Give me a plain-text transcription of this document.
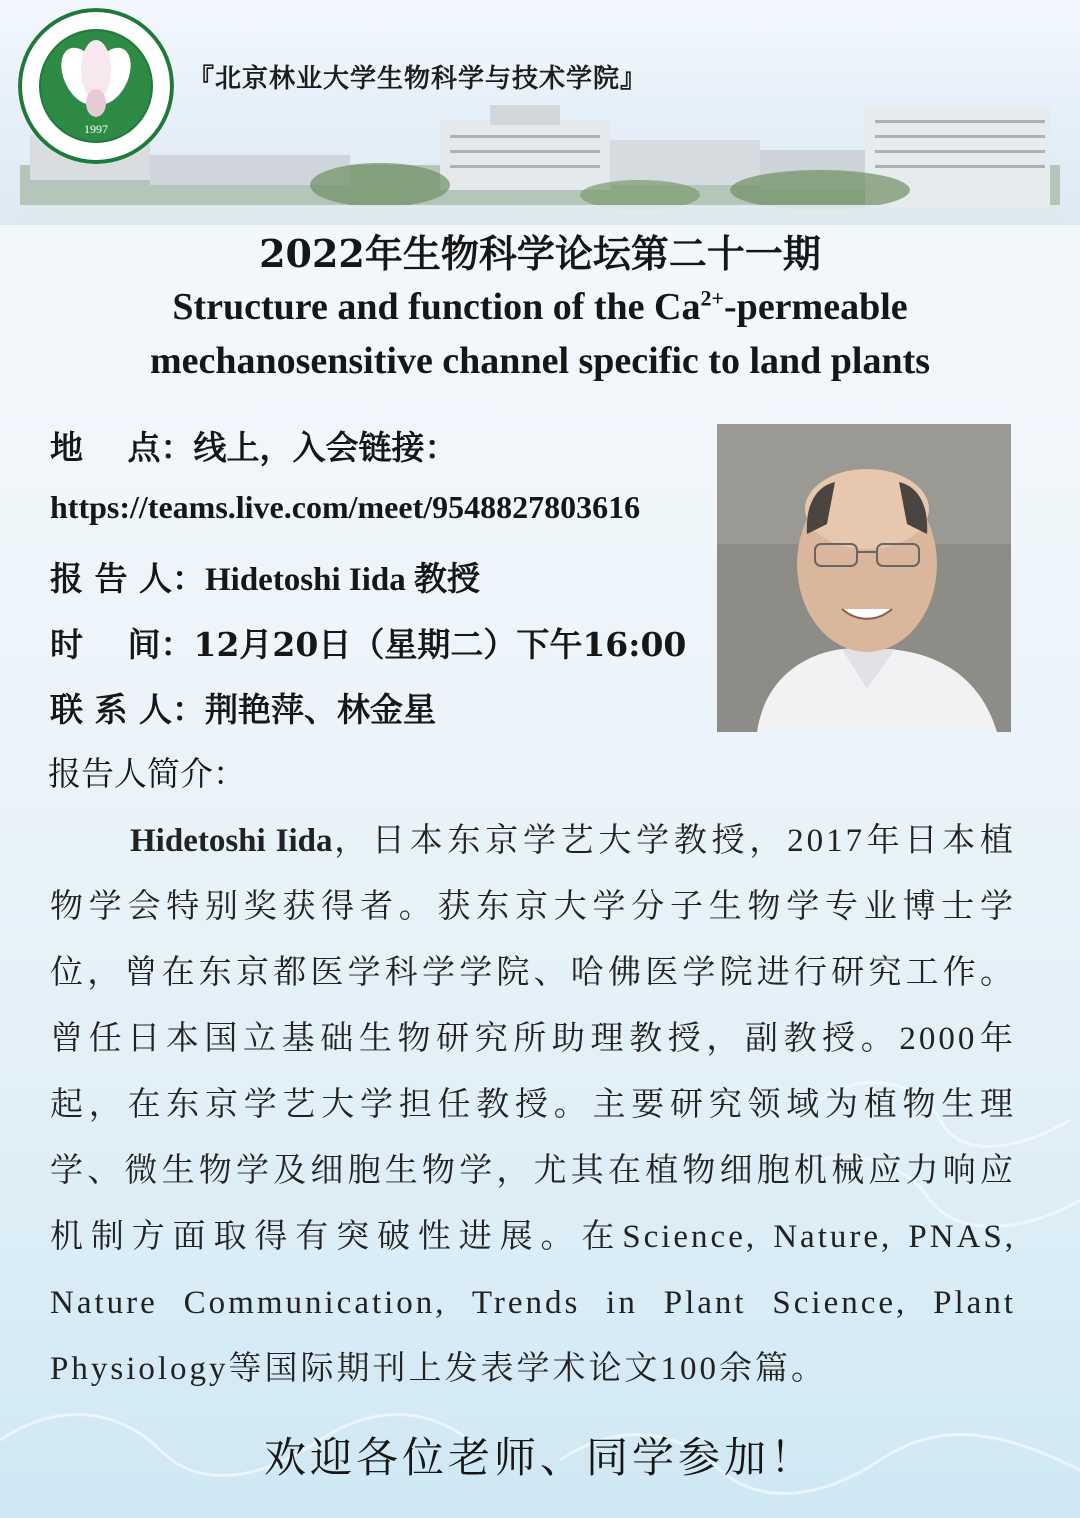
1997
『北京林业大学生物科学与技术学院』
2022年生物科学论坛第二十一期
Structure and function of the $Ca^{2+}$-permeable
mechanosensitive channel specific to land plants
地　 点：线上，入会链接：
https://teams.live.com/meet/9548827803616
报 告 人：Hidetoshi Iida 教授
时　 间：12月20日（星期二）下午16:00
联 系 人：荆艳萍、林金星
报告人简介：
Hidetoshi Iida，日本东京学艺大学教授，2017年日本植物学会特别奖获得者。获东京大学分子生物学专业博士学位，曾在东京都医学科学学院、哈佛医学院进行研究工作。曾任日本国立基础生物研究所助理教授，副教授。2000年起，在东京学艺大学担任教授。主要研究领域为植物生理学、微生物学及细胞生物学，尤其在植物细胞机械应力响应机制方面取得有突破性进展。在Science, Nature, PNAS, Nature Communication, Trends in Plant Science, Plant Physiology等国际期刊上发表学术论文100余篇。
欢迎各位老师、同学参加！
